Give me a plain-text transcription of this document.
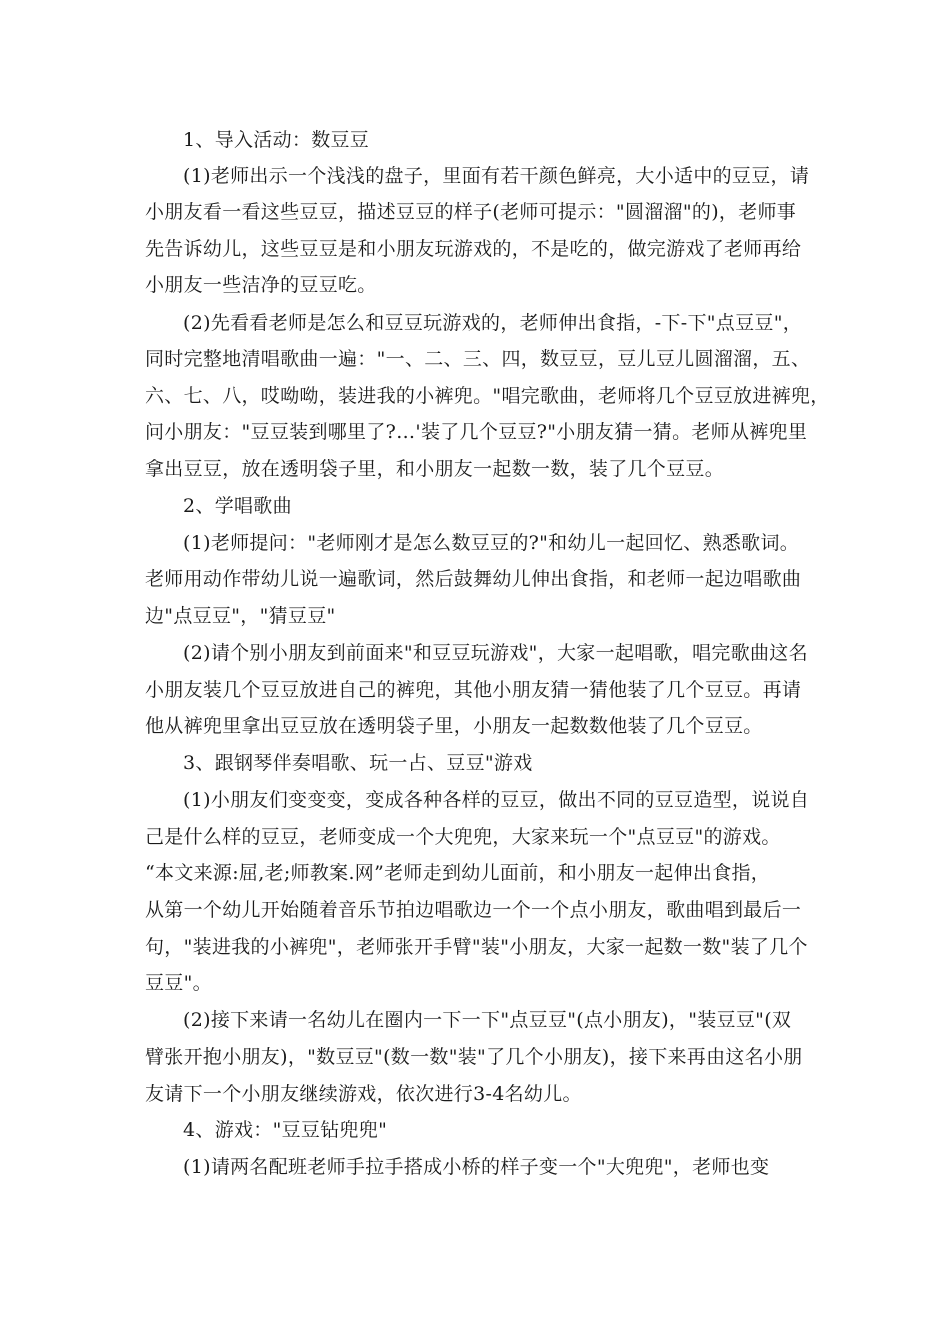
1、导入活动：数豆豆
(1)老师出示一个浅浅的盘子，里面有若干颜色鲜亮，大小适中的豆豆，请
小朋友看一看这些豆豆，描述豆豆的样子(老师可提示："圆溜溜"的)，老师事
先告诉幼儿，这些豆豆是和小朋友玩游戏的，不是吃的，做完游戏了老师再给
小朋友一些洁净的豆豆吃。
(2)先看看老师是怎么和豆豆玩游戏的，老师伸出食指，-下-下"点豆豆"，
同时完整地清唱歌曲一遍："一、二、三、四，数豆豆，豆儿豆儿圆溜溜，五、
六、七、八，哎呦呦，装进我的小裤兜。"唱完歌曲，老师将几个豆豆放进裤兜，
问小朋友："豆豆装到哪里了?…'装了几个豆豆?"小朋友猜一猜。老师从裤兜里
拿出豆豆，放在透明袋子里，和小朋友一起数一数，装了几个豆豆。
2、学唱歌曲
(1)老师提问："老师刚才是怎么数豆豆的?"和幼儿一起回忆、熟悉歌词。
老师用动作带幼儿说一遍歌词，然后鼓舞幼儿伸出食指，和老师一起边唱歌曲
边"点豆豆"，"猜豆豆"
(2)请个别小朋友到前面来"和豆豆玩游戏"，大家一起唱歌，唱完歌曲这名
小朋友装几个豆豆放进自己的裤兜，其他小朋友猜一猜他装了几个豆豆。再请
他从裤兜里拿出豆豆放在透明袋子里，小朋友一起数数他装了几个豆豆。
3、跟钢琴伴奏唱歌、玩一占、豆豆"游戏
(1)小朋友们变变变，变成各种各样的豆豆，做出不同的豆豆造型，说说自
己是什么样的豆豆，老师变成一个大兜兜，大家来玩一个"点豆豆"的游戏。
“本文来源:屈,老;师教案.网”老师走到幼儿面前，和小朋友一起伸出食指，
从第一个幼儿开始随着音乐节拍边唱歌边一个一个点小朋友，歌曲唱到最后一
句，"装进我的小裤兜"，老师张开手臂"装"小朋友，大家一起数一数"装了几个
豆豆"。
(2)接下来请一名幼儿在圈内一下一下"点豆豆"(点小朋友)，"装豆豆"(双
臂张开抱小朋友)，"数豆豆"(数一数"装"了几个小朋友)，接下来再由这名小朋
友请下一个小朋友继续游戏，依次进行3-4名幼儿。
4、游戏："豆豆钻兜兜"
(1)请两名配班老师手拉手搭成小桥的样子变一个"大兜兜"，老师也变
